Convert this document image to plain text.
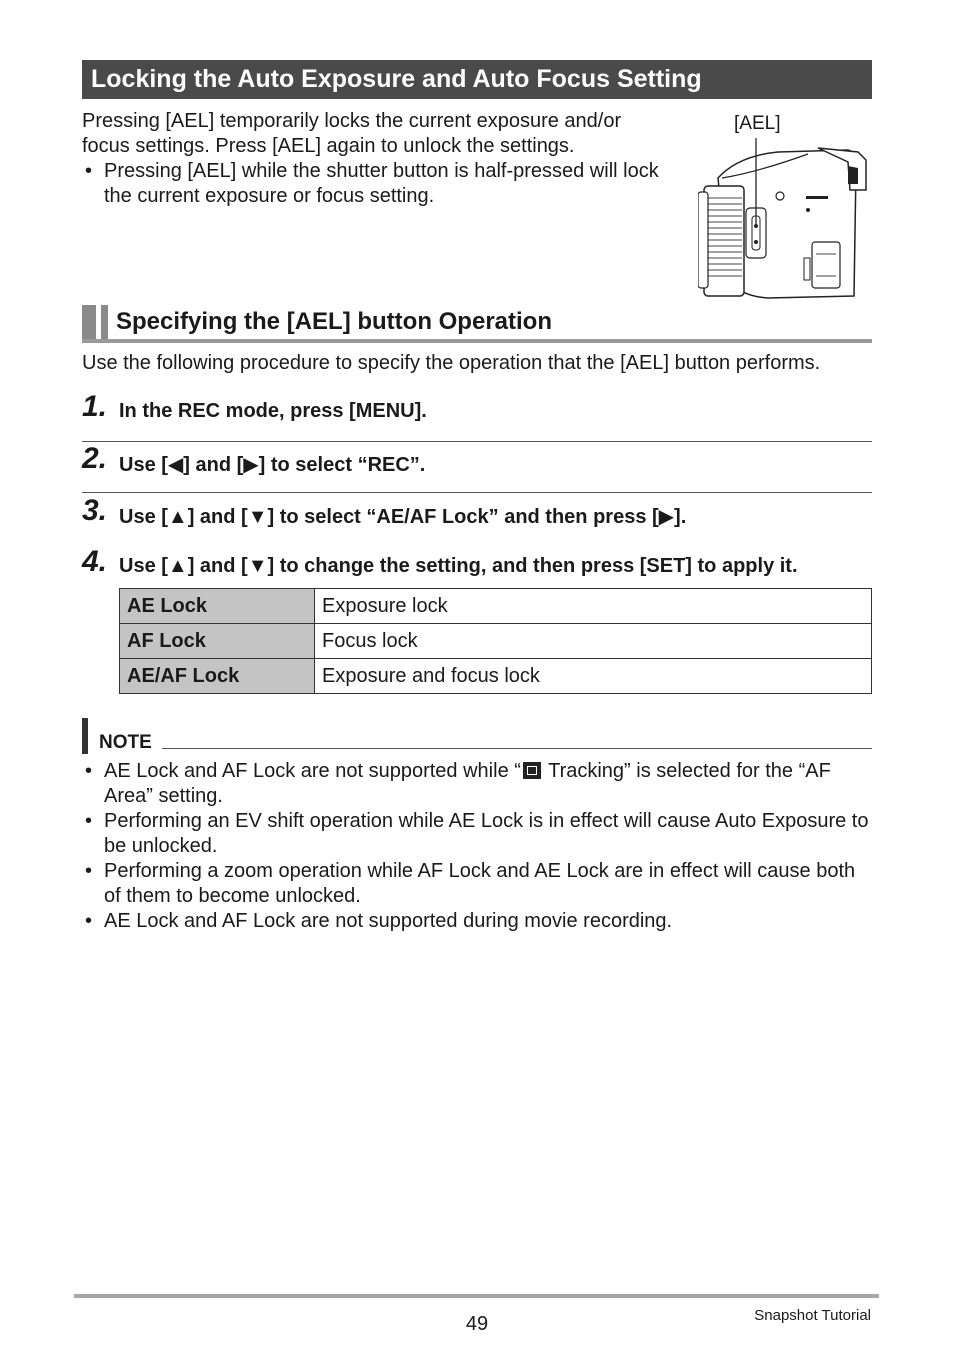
Locking the Auto Exposure and Auto Focus Setting

Pressing [AEL] temporarily locks the current exposure and/or focus settings. Press [AEL] again to unlock the settings.

• Pressing [AEL] while the shutter button is half-pressed will lock the current exposure or focus setting.

[AEL]
Specifying the [AEL] button Operation
Use the following procedure to specify the operation that the [AEL] button performs.
1. In the REC mode, press [MENU].
2. Use [◀] and [▶] to select “REC”.
3. Use [▲] and [▼] to select “AE/AF Lock” and then press [▶].
4. Use [▲] and [▼] to change the setting, and then press [SET] to apply it.
AE Lock	Exposure lock
AF Lock	Focus lock
AE/AF Lock	Exposure and focus lock
NOTE

• AE Lock and AF Lock are not supported while “ Tracking” is selected for the “AF Area” setting.

• Performing an EV shift operation while AE Lock is in effect will cause Auto Exposure to be unlocked.

• Performing a zoom operation while AF Lock and AE Lock are in effect will cause both of them to become unlocked.

• AE Lock and AF Lock are not supported during movie recording.

49	Snapshot Tutorial
